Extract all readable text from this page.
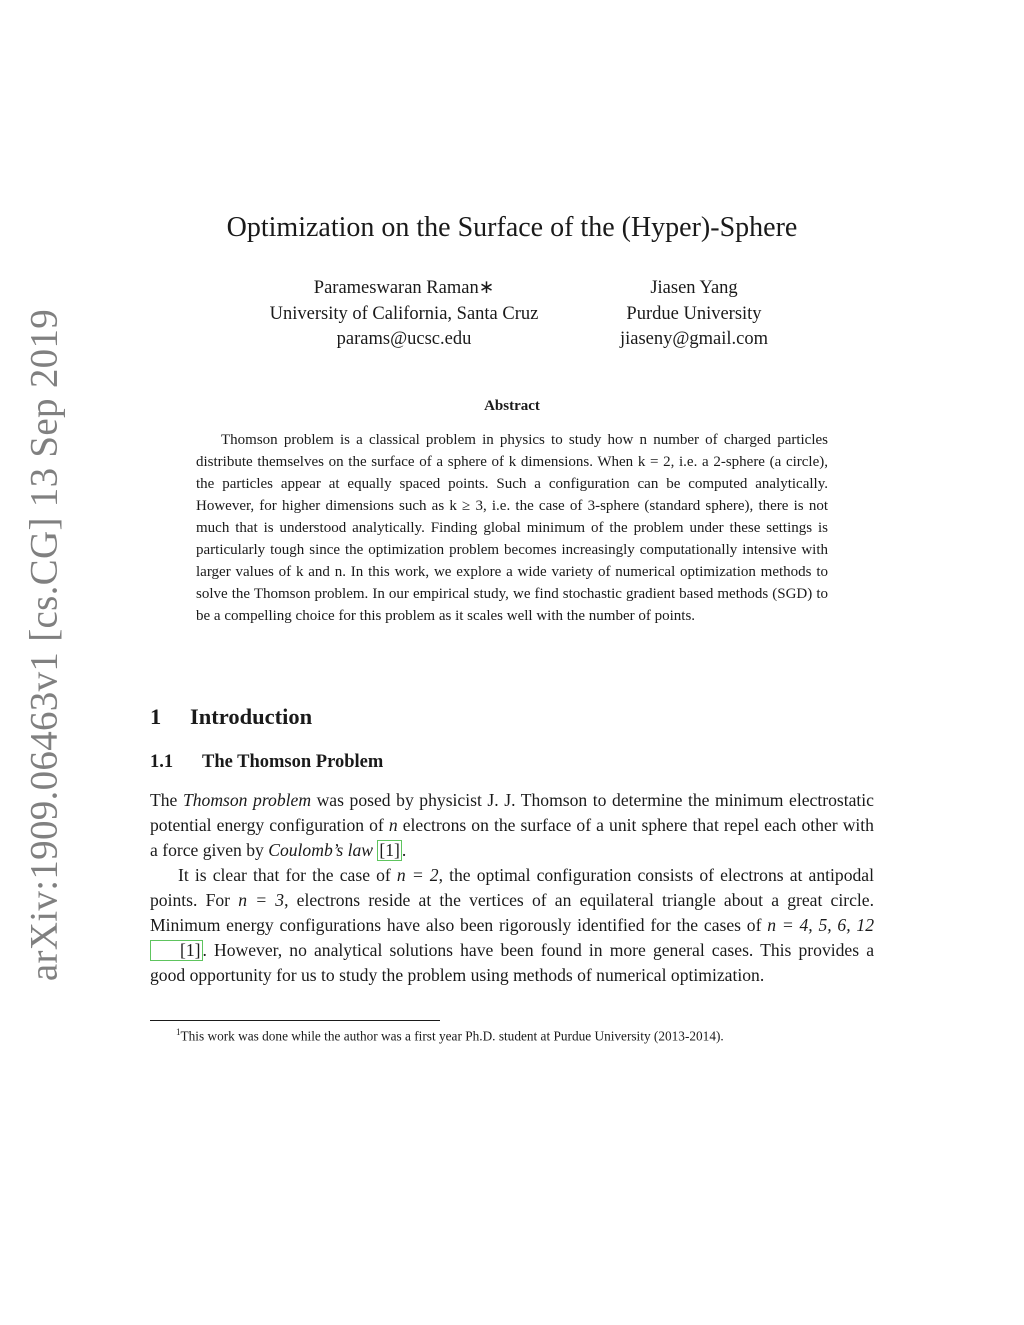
arXiv:1909.06463v1 [cs.CG] 13 Sep 2019
Optimization on the Surface of the (Hyper)-Sphere
Parameswaran Raman∗
University of California, Santa Cruz
params@ucsc.edu
Jiasen Yang
Purdue University
jiaseny@gmail.com
Abstract

Thomson problem is a classical problem in physics to study how n number of charged particles distribute themselves on the surface of a sphere of k dimensions. When k = 2, i.e. a 2-sphere (a circle), the particles appear at equally spaced points. Such a configuration can be computed analytically. However, for higher dimensions such as k ≥ 3, i.e. the case of 3-sphere (standard sphere), there is not much that is understood analytically. Finding global minimum of the problem under these settings is particularly tough since the optimization problem becomes increasingly computationally intensive with larger values of k and n. In this work, we explore a wide variety of numerical optimization methods to solve the Thomson problem. In our empirical study, we find stochastic gradient based methods (SGD) to be a compelling choice for this problem as it scales well with the number of points.

1 Introduction
1.1 The Thomson Problem

The Thomson problem was posed by physicist J. J. Thomson to determine the minimum electrostatic potential energy configuration of n electrons on the surface of a unit sphere that repel each other with a force given by Coulomb’s law [1] .

It is clear that for the case of n = 2, the optimal configuration consists of electrons at antipodal points. For n = 3, electrons reside at the vertices of an equilateral triangle about a great circle. Minimum energy configurations have also been rigorously identified for the cases of n = 4, 5, 6, 12 [1] . However, no analytical solutions have been found in more general cases. This provides a good opportunity for us to study the problem using methods of numerical optimization.

$^1$This work was done while the author was a first year Ph.D. student at Purdue University (2013-2014).
